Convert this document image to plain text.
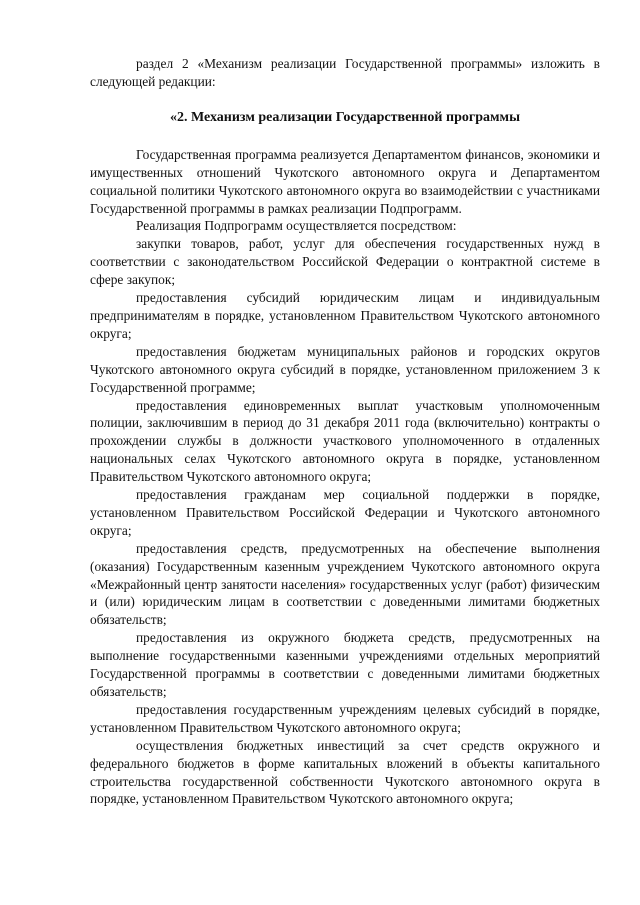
раздел 2 «Механизм реализации Государственной программы» изложить в следующей редакции:

«2. Механизм реализации Государственной программы

Государственная программа реализуется Департаментом финансов, экономики и имущественных отношений Чукотского автономного округа и Департаментом социальной политики Чукотского автономного округа во взаимодействии с участниками Государственной программы в рамках реализации Подпрограмм.

Реализация Подпрограмм осуществляется посредством:

закупки товаров, работ, услуг для обеспечения государственных нужд в соответствии с законодательством Российской Федерации о контрактной системе в сфере закупок;

предоставления субсидий юридическим лицам и индивидуальным предпринимателям в порядке, установленном Правительством Чукотского автономного округа;

предоставления бюджетам муниципальных районов и городских округов Чукотского автономного округа субсидий в порядке, установленном приложением 3 к Государственной программе;

предоставления единовременных выплат участковым уполномоченным полиции, заключившим в период до 31 декабря 2011 года (включительно) контракты о прохождении службы в должности участкового уполномоченного в отдаленных национальных селах Чукотского автономного округа в порядке, установленном Правительством Чукотского автономного округа;

предоставления гражданам мер социальной поддержки в порядке, установленном Правительством Российской Федерации и Чукотского автономного округа;

предоставления средств, предусмотренных на обеспечение выполнения (оказания) Государственным казенным учреждением Чукотского автономного округа «Межрайонный центр занятости населения» государственных услуг (работ) физическим и (или) юридическим лицам в соответствии с доведенными лимитами бюджетных обязательств;

предоставления из окружного бюджета средств, предусмотренных на выполнение государственными казенными учреждениями отдельных мероприятий Государственной программы в соответствии с доведенными лимитами бюджетных обязательств;

предоставления государственным учреждениям целевых субсидий в порядке, установленном Правительством Чукотского автономного округа;

осуществления бюджетных инвестиций за счет средств окружного и федерального бюджетов в форме капитальных вложений в объекты капитального строительства государственной собственности Чукотского автономного округа в порядке, установленном Правительством Чукотского автономного округа;
